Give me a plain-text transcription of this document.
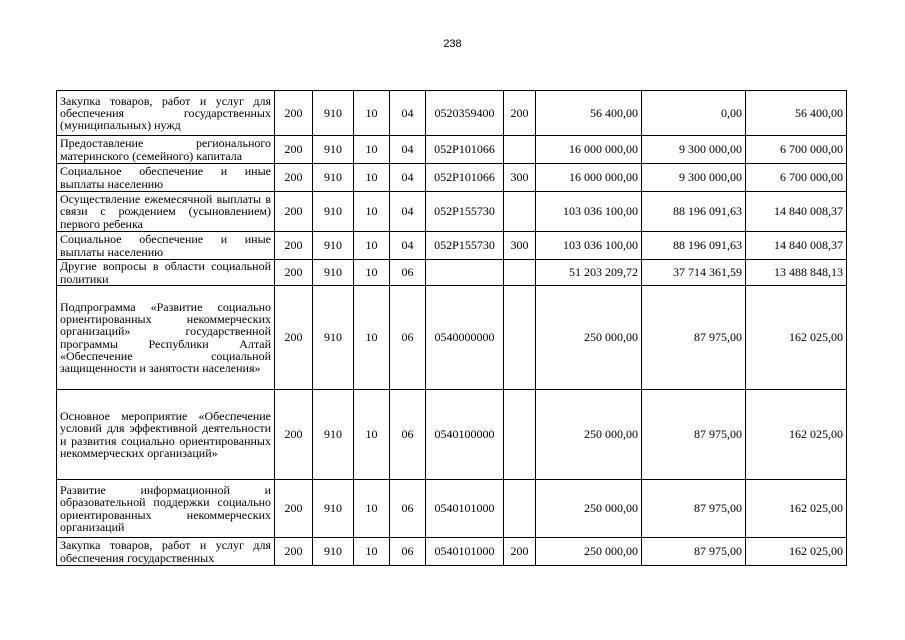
238
Закупка товаров, работ и услуг для обеспечения государственных (муниципальных) нужд	200	910	10	04	0520359400	200	56 400,00	0,00	56 400,00
Предоставление регионального материнского (семейного) капитала	200	910	10	04	052P101066		16 000 000,00	9 300 000,00	6 700 000,00
Социальное обеспечение и иные выплаты населению	200	910	10	04	052P101066	300	16 000 000,00	9 300 000,00	6 700 000,00
Осуществление ежемесячной выплаты в связи с рождением (усыновлением) первого ребенка	200	910	10	04	052P155730		103 036 100,00	88 196 091,63	14 840 008,37
Социальное обеспечение и иные выплаты населению	200	910	10	04	052P155730	300	103 036 100,00	88 196 091,63	14 840 008,37
Другие вопросы в области социальной политики	200	910	10	06			51 203 209,72	37 714 361,59	13 488 848,13
Подпрограмма «Развитие социально ориентированных некоммерческих организаций» государственной программы Республики Алтай «Обеспечение социальной защищенности и занятости населения»	200	910	10	06	0540000000		250 000,00	87 975,00	162 025,00
Основное мероприятие «Обеспечение условий для эффективной деятельности и развития социально ориентированных некоммерческих организаций»	200	910	10	06	0540100000		250 000,00	87 975,00	162 025,00
Развитие информационной и образовательной поддержки социально ориентированных некоммерческих организаций	200	910	10	06	0540101000		250 000,00	87 975,00	162 025,00
Закупка товаров, работ и услуг для обеспечения государственных	200	910	10	06	0540101000	200	250 000,00	87 975,00	162 025,00
